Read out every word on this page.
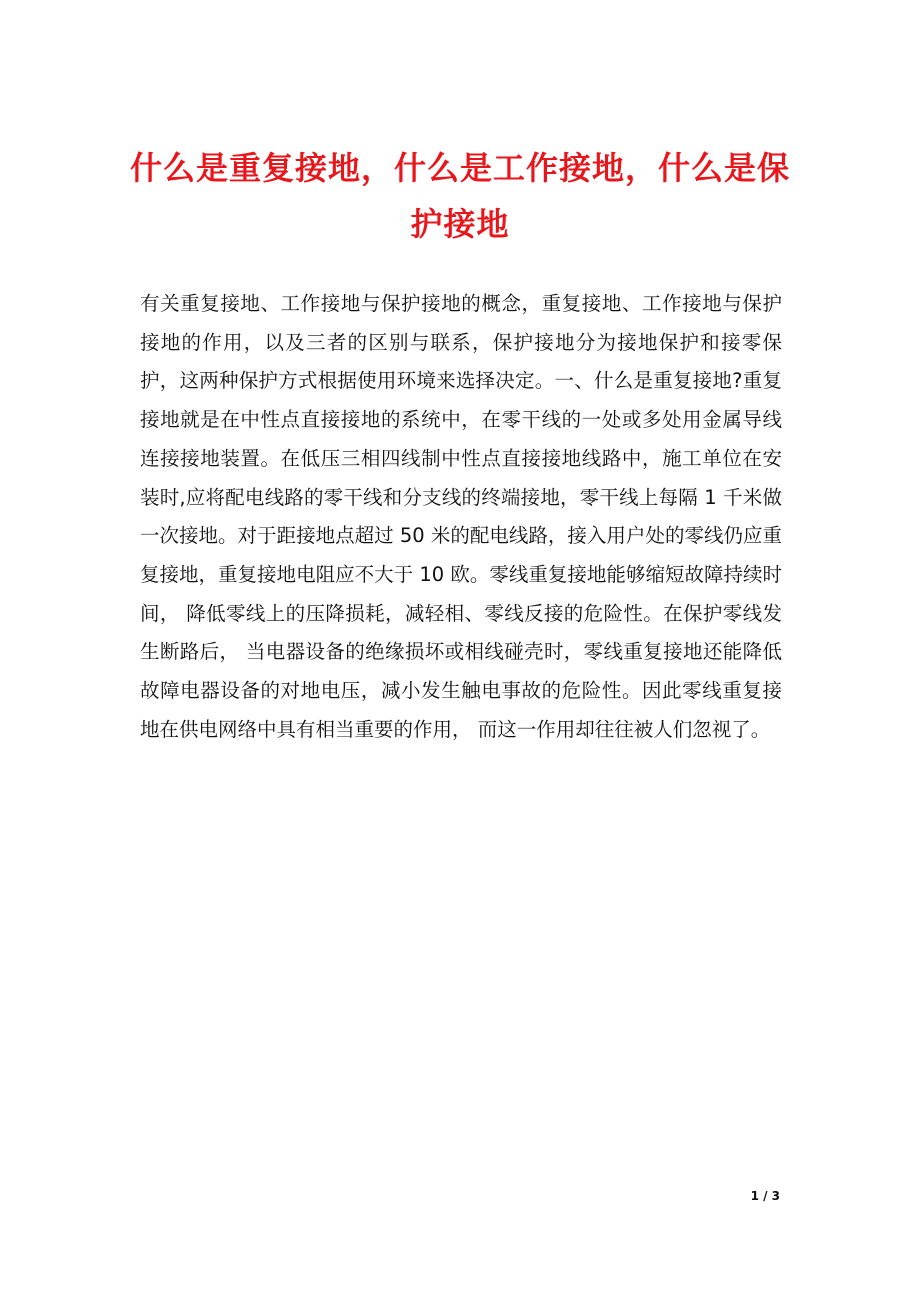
什么是重复接地，什么是工作接地，什么是保护接地
有关重复接地、工作接地与保护接地的概念，重复接地、工作接地与保护接地的作用，以及三者的区别与联系，保护接地分为接地保护和接零保护，这两种保护方式根据使用环境来选择决定。一、什么是重复接地?重复接地就是在中性点直接接地的系统中，在零干线的一处或多处用金属导线连接接地装置。在低压三相四线制中性点直接接地线路中，施工单位在安装时,应将配电线路的零干线和分支线的终端接地，零干线上每隔 1 千米做一次接地。对于距接地点超过 50 米的配电线路，接入用户处的零线仍应重复接地，重复接地电阻应不大于 10 欧。零线重复接地能够缩短故障持续时间， 降低零线上的压降损耗，减轻相、零线反接的危险性。在保护零线发生断路后， 当电器设备的绝缘损坏或相线碰壳时，零线重复接地还能降低故障电器设备的对地电压，减小发生触电事故的危险性。因此零线重复接地在供电网络中具有相当重要的作用， 而这一作用却往往被人们忽视了。
1 / 3
